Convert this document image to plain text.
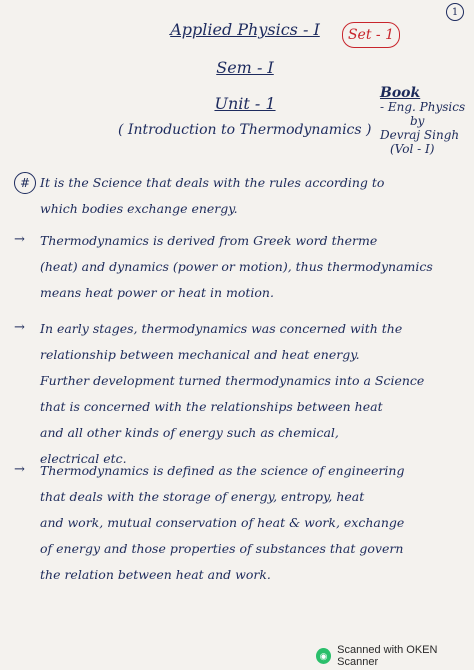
1
Applied Physics - I	Set - 1
Sem - I
Unit - 1
( Introduction to Thermodynamics )
Book
- Eng. Physics
by
Devraj Singh
(Vol - I)
# It is the Science that deals with the rules according to
which bodies exchange energy.
→ Thermodynamics is derived from Greek word therme
(heat) and dynamics (power or motion), thus thermodynamics
means heat power or heat in motion.
→ In early stages, thermodynamics was concerned with the
relationship between mechanical and heat energy.
Further development turned thermodynamics into a Science
that is concerned with the relationships between heat
and all other kinds of energy such as chemical,
electrical etc.
→ Thermodynamics is defined as the science of engineering
that deals with the storage of energy, entropy, heat
and work, mutual conservation of heat & work, exchange
of energy and those properties of substances that govern
the relation between heat and work.
◉ Scanned with OKEN Scanner
